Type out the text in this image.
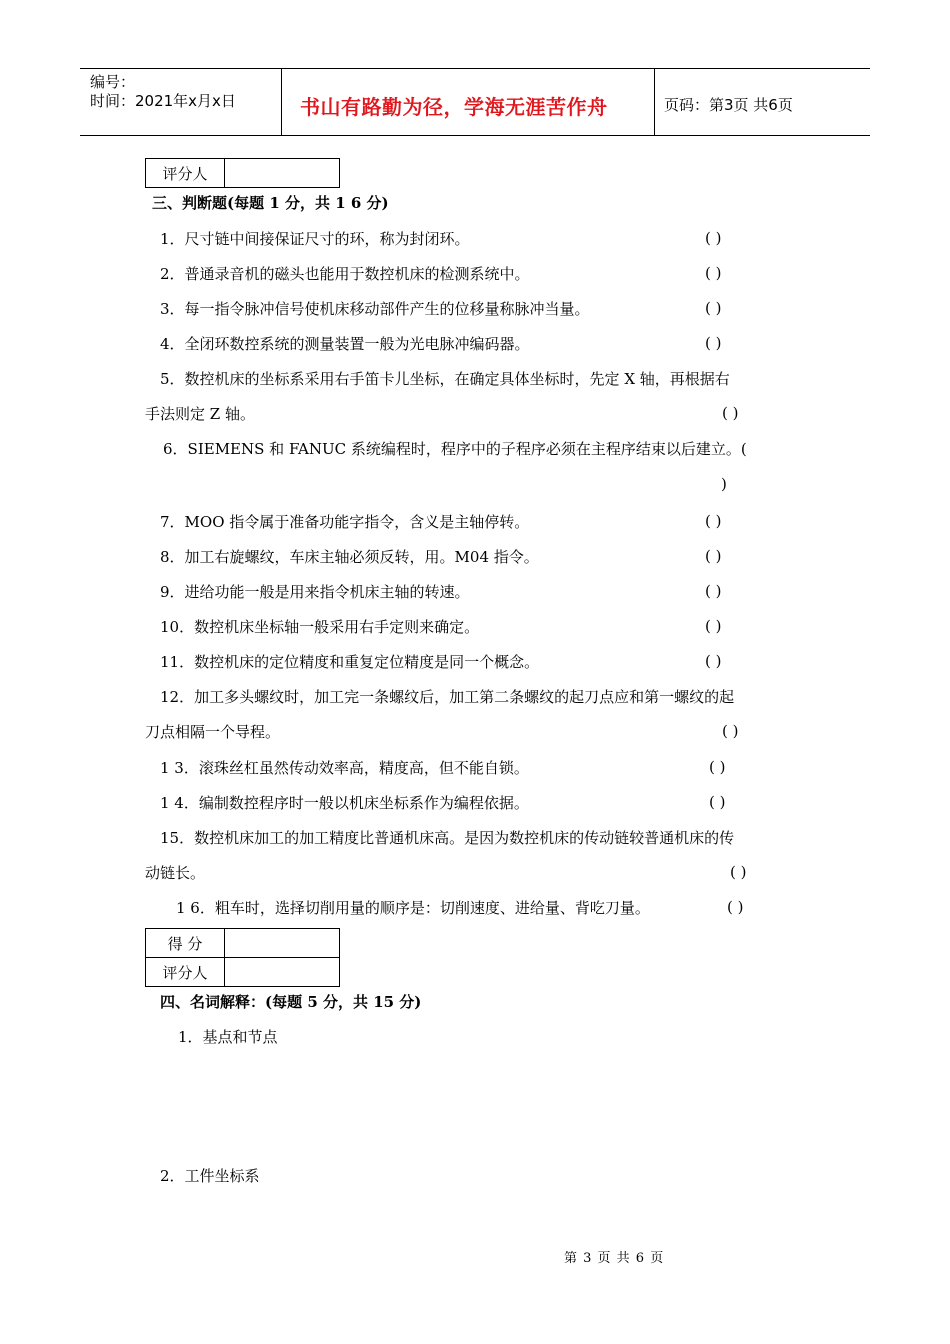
编号：
时间：2021年x月x日	书山有路勤为径，学海无涯苦作舟	页码：第3页 共6页
评分人	
三、判断题(每题 1 分，共 1 6 分)
1．尺寸链中间接保证尺寸的环，称为封闭环。	( )
2．普通录音机的磁头也能用于数控机床的检测系统中。	( )
3．每一指令脉冲信号使机床移动部件产生的位移量称脉冲当量。	( )
4．全闭环数控系统的测量装置一般为光电脉冲编码器。	( )
5．数控机床的坐标系采用右手笛卡儿坐标，在确定具体坐标时，先定 X 轴，再根据右
手法则定 Z 轴。	( )
6．SIEMENS 和 FANUC 系统编程时，程序中的子程序必须在主程序结束以后建立。(
)
7．MOO 指令属于准备功能字指令，含义是主轴停转。	( )
8．加工右旋螺纹，车床主轴必须反转，用。M04 指令。	( )
9．进给功能一般是用来指令机床主轴的转速。	( )
10．数控机床坐标轴一般采用右手定则来确定。	( )
11．数控机床的定位精度和重复定位精度是同一个概念。	( )
12．加工多头螺纹时，加工完一条螺纹后，加工第二条螺纹的起刀点应和第一螺纹的起
刀点相隔一个导程。	( )
1 3．滚珠丝杠虽然传动效率高，精度高，但不能自锁。	( )
1 4．编制数控程序时一般以机床坐标系作为编程依据。	( )
15．数控机床加工的加工精度比普通机床高。是因为数控机床的传动链较普通机床的传
动链长。	( )
1 6．粗车时，选择切削用量的顺序是：切削速度、进给量、背吃刀量。	( )
得 分	
评分人	
四、名词解释：(每题 5 分，共 15 分)
1．基点和节点
2．工件坐标系
第 3 页 共 6 页
